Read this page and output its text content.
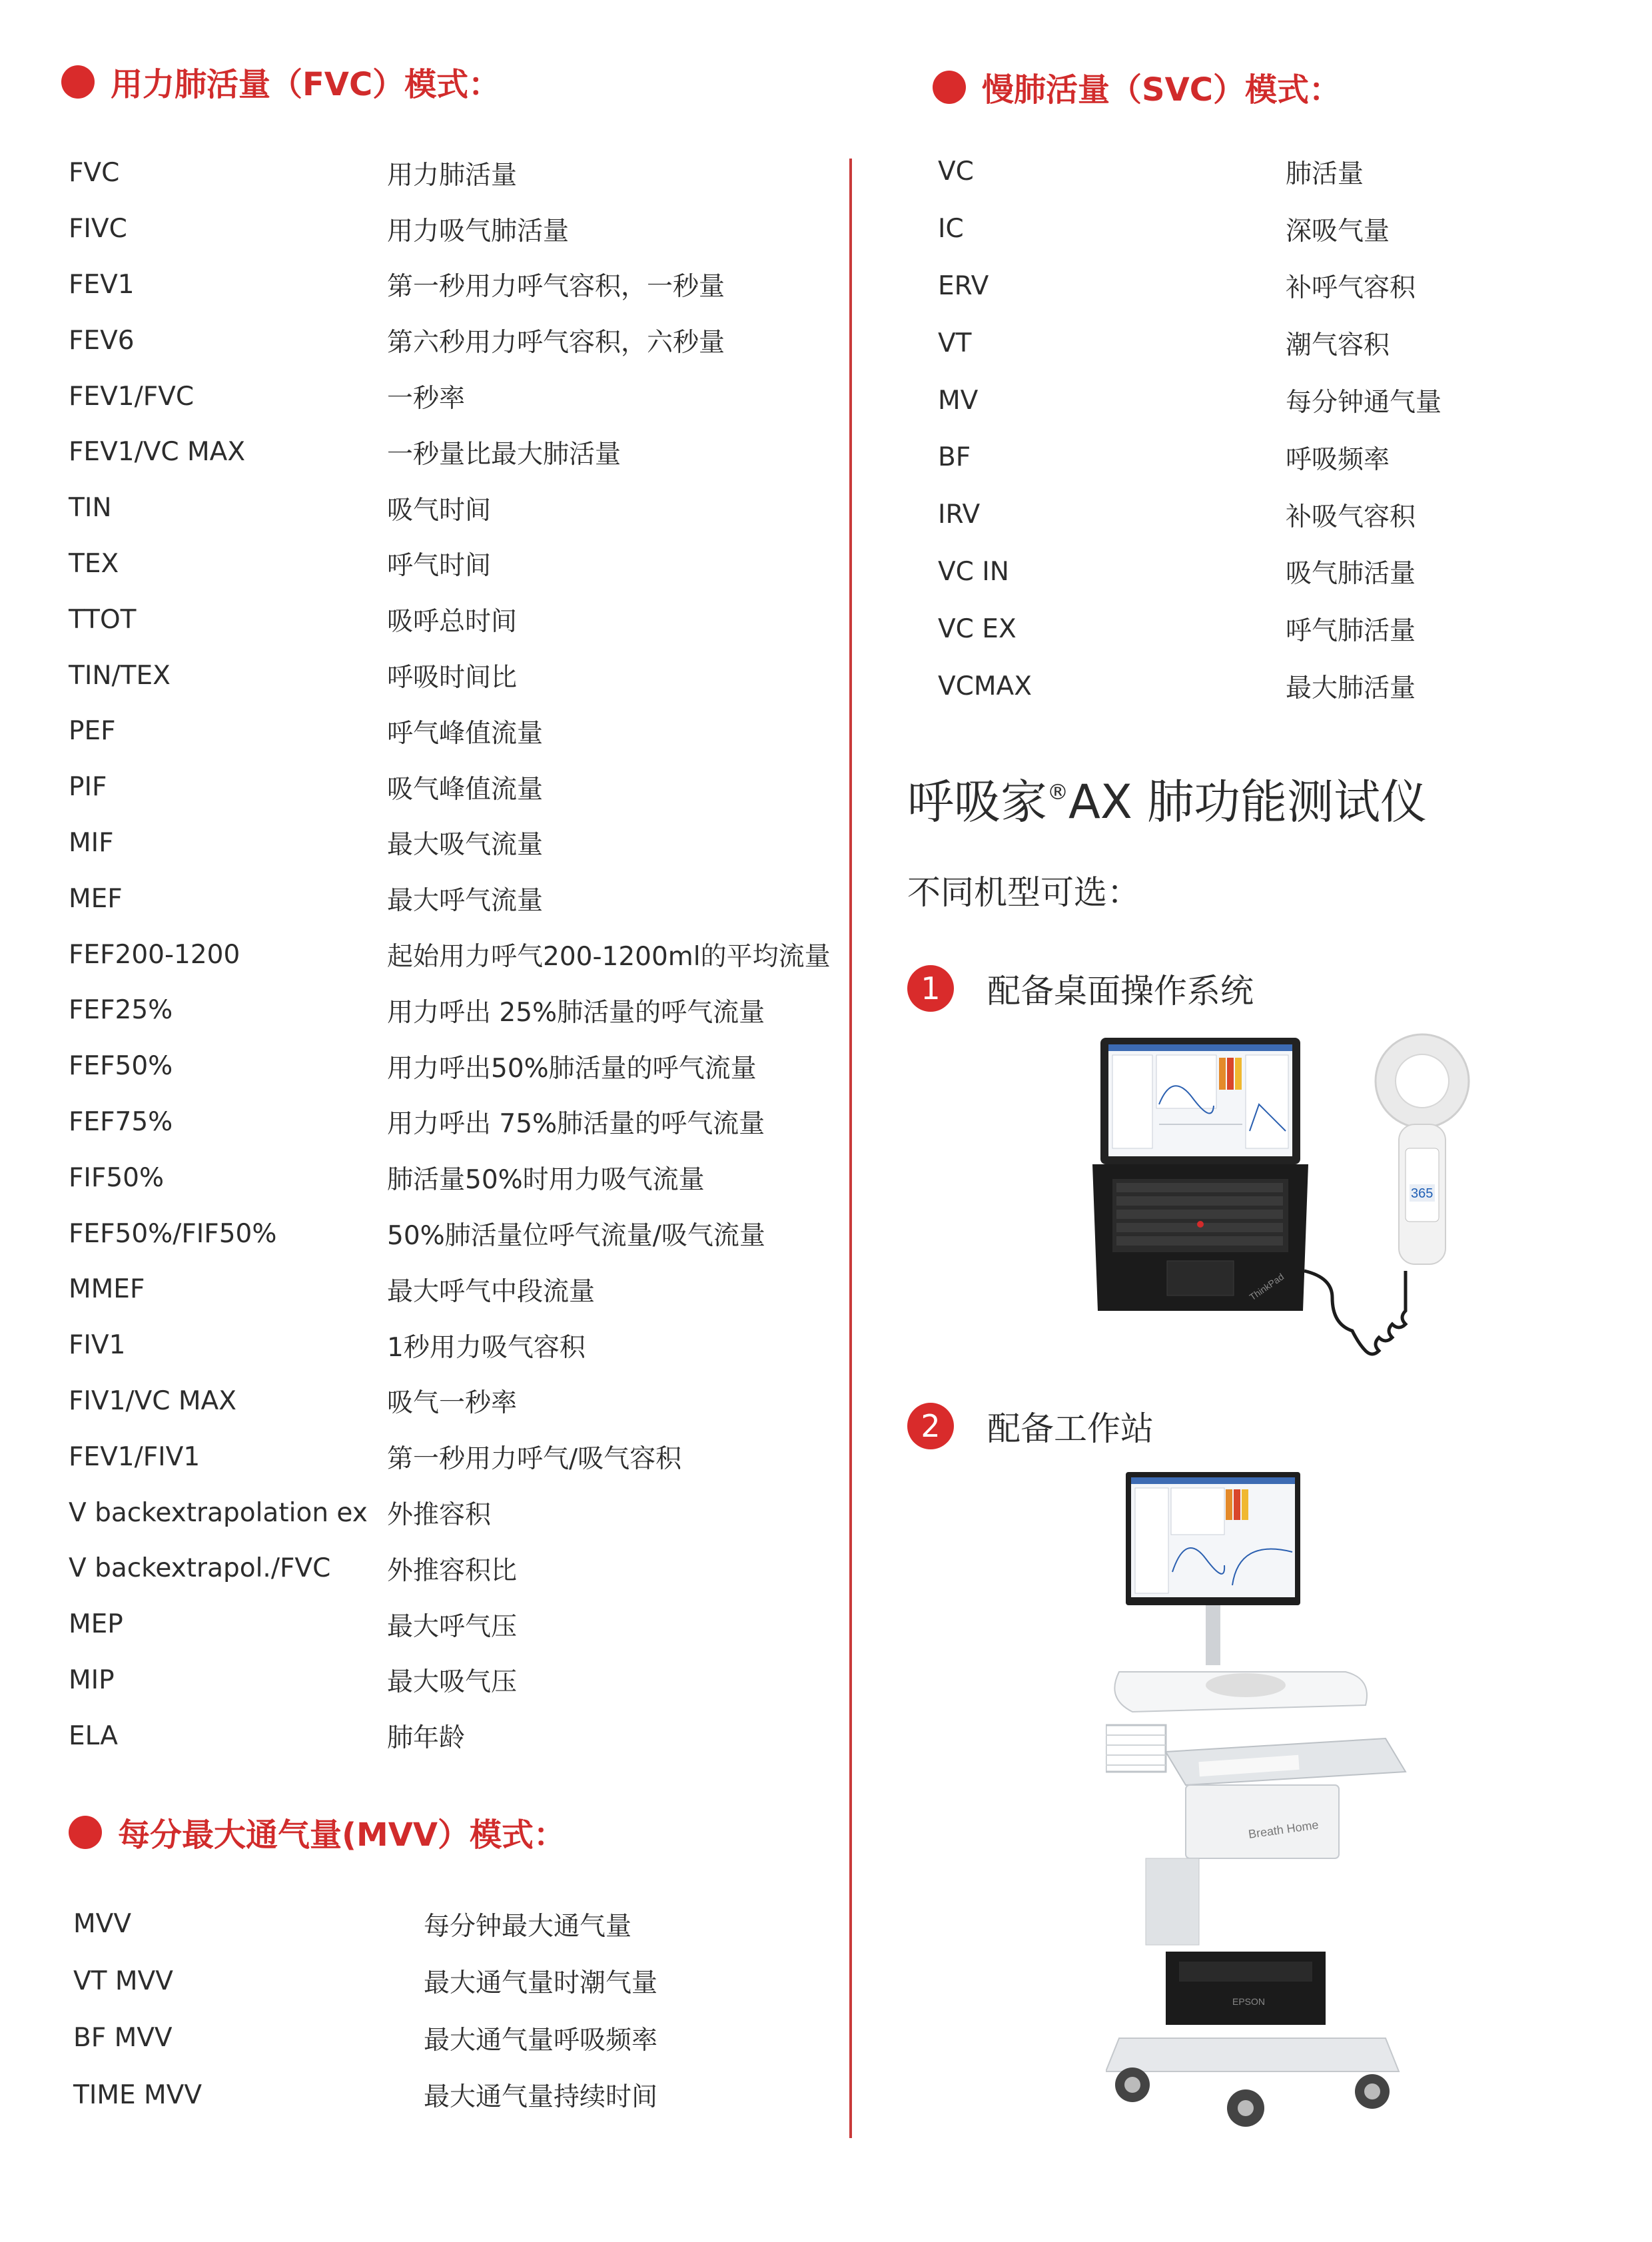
用力肺活量（FVC）模式：
FVC	用力肺活量
FIVC	用力吸气肺活量
FEV1	第一秒用力呼气容积，一秒量
FEV6	第六秒用力呼气容积，六秒量
FEV1/FVC	一秒率
FEV1/VC MAX	一秒量比最大肺活量
TIN	吸气时间
TEX	呼气时间
TTOT	吸呼总时间
TIN/TEX	呼吸时间比
PEF	呼气峰值流量
PIF	吸气峰值流量
MIF	最大吸气流量
MEF	最大呼气流量
FEF200-1200	起始用力呼气200-1200ml的平均流量
FEF25%	用力呼出 25%肺活量的呼气流量
FEF50%	用力呼出50%肺活量的呼气流量
FEF75%	用力呼出 75%肺活量的呼气流量
FIF50%	肺活量50%时用力吸气流量
FEF50%/FIF50%	50%肺活量位呼气流量/吸气流量
MMEF	最大呼气中段流量
FIV1	1秒用力吸气容积
FIV1/VC MAX	吸气一秒率
FEV1/FIV1	第一秒用力呼气/吸气容积
V backextrapolation ex 外推容积
V backextrapol./FVC	外推容积比
MEP	最大呼气压
MIP	最大吸气压
ELA	肺年龄
每分最大通气量(MVV）模式：
MVV	每分钟最大通气量
VT MVV	最大通气量时潮气量
BF MVV	最大通气量呼吸频率
TIME MVV	最大通气量持续时间
慢肺活量（SVC）模式：
VC	肺活量
IC	深吸气量
ERV	补呼气容积
VT	潮气容积
MV	每分钟通气量
BF	呼吸频率
IRV	补吸气容积
VC IN	吸气肺活量
VC EX	呼气肺活量
VCMAX	最大肺活量
呼吸家®AX 肺功能测试仪
不同机型可选：
1	配备桌面操作系统
ThinkPad
365
2	配备工作站
Breath Home
EPSON
